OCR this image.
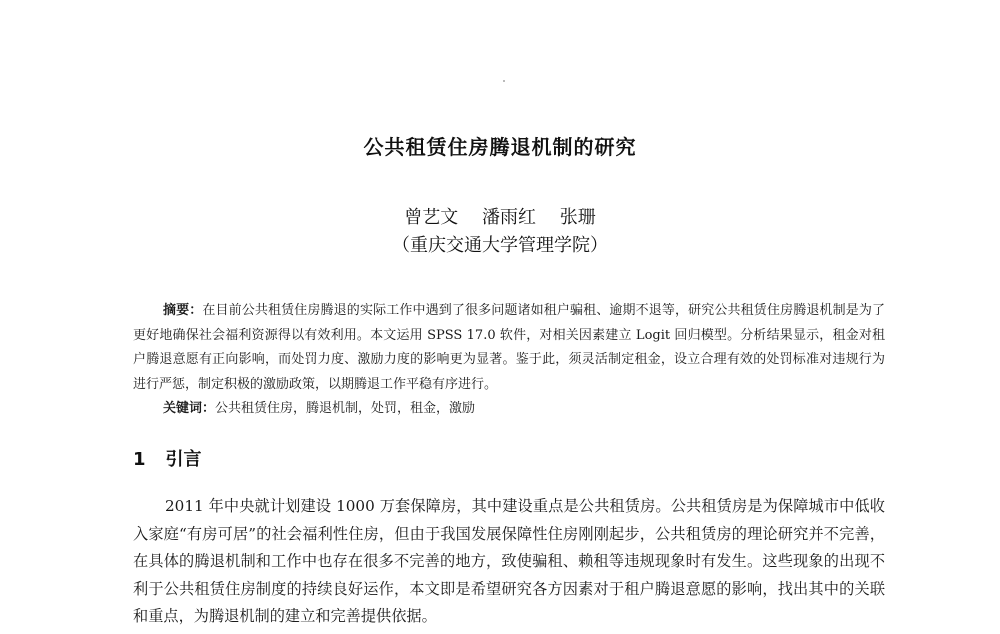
公共租赁住房腾退机制的研究
曾艺文 潘雨红 张珊
（重庆交通大学管理学院）
摘要：在目前公共租赁住房腾退的实际工作中遇到了很多问题诸如租户骗租、逾期不退等，研究公共租赁住房腾退机制是为了更好地确保社会福利资源得以有效利用。本文运用 SPSS 17.0 软件，对相关因素建立 Logit 回归模型。分析结果显示，租金对租户腾退意愿有正向影响，而处罚力度、激励力度的影响更为显著。鉴于此，须灵活制定租金，设立合理有效的处罚标准对违规行为进行严惩，制定积极的激励政策，以期腾退工作平稳有序进行。
关键词：公共租赁住房，腾退机制，处罚，租金，激励
1 引言
2011 年中央就计划建设 1000 万套保障房，其中建设重点是公共租赁房。公共租赁房是为保障城市中低收入家庭“有房可居”的社会福利性住房，但由于我国发展保障性住房刚刚起步，公共租赁房的理论研究并不完善，在具体的腾退机制和工作中也存在很多不完善的地方，致使骗租、赖租等违规现象时有发生。这些现象的出现不利于公共租赁住房制度的持续良好运作，本文即是希望研究各方因素对于租户腾退意愿的影响，找出其中的关联和重点，为腾退机制的建立和完善提供依据。
